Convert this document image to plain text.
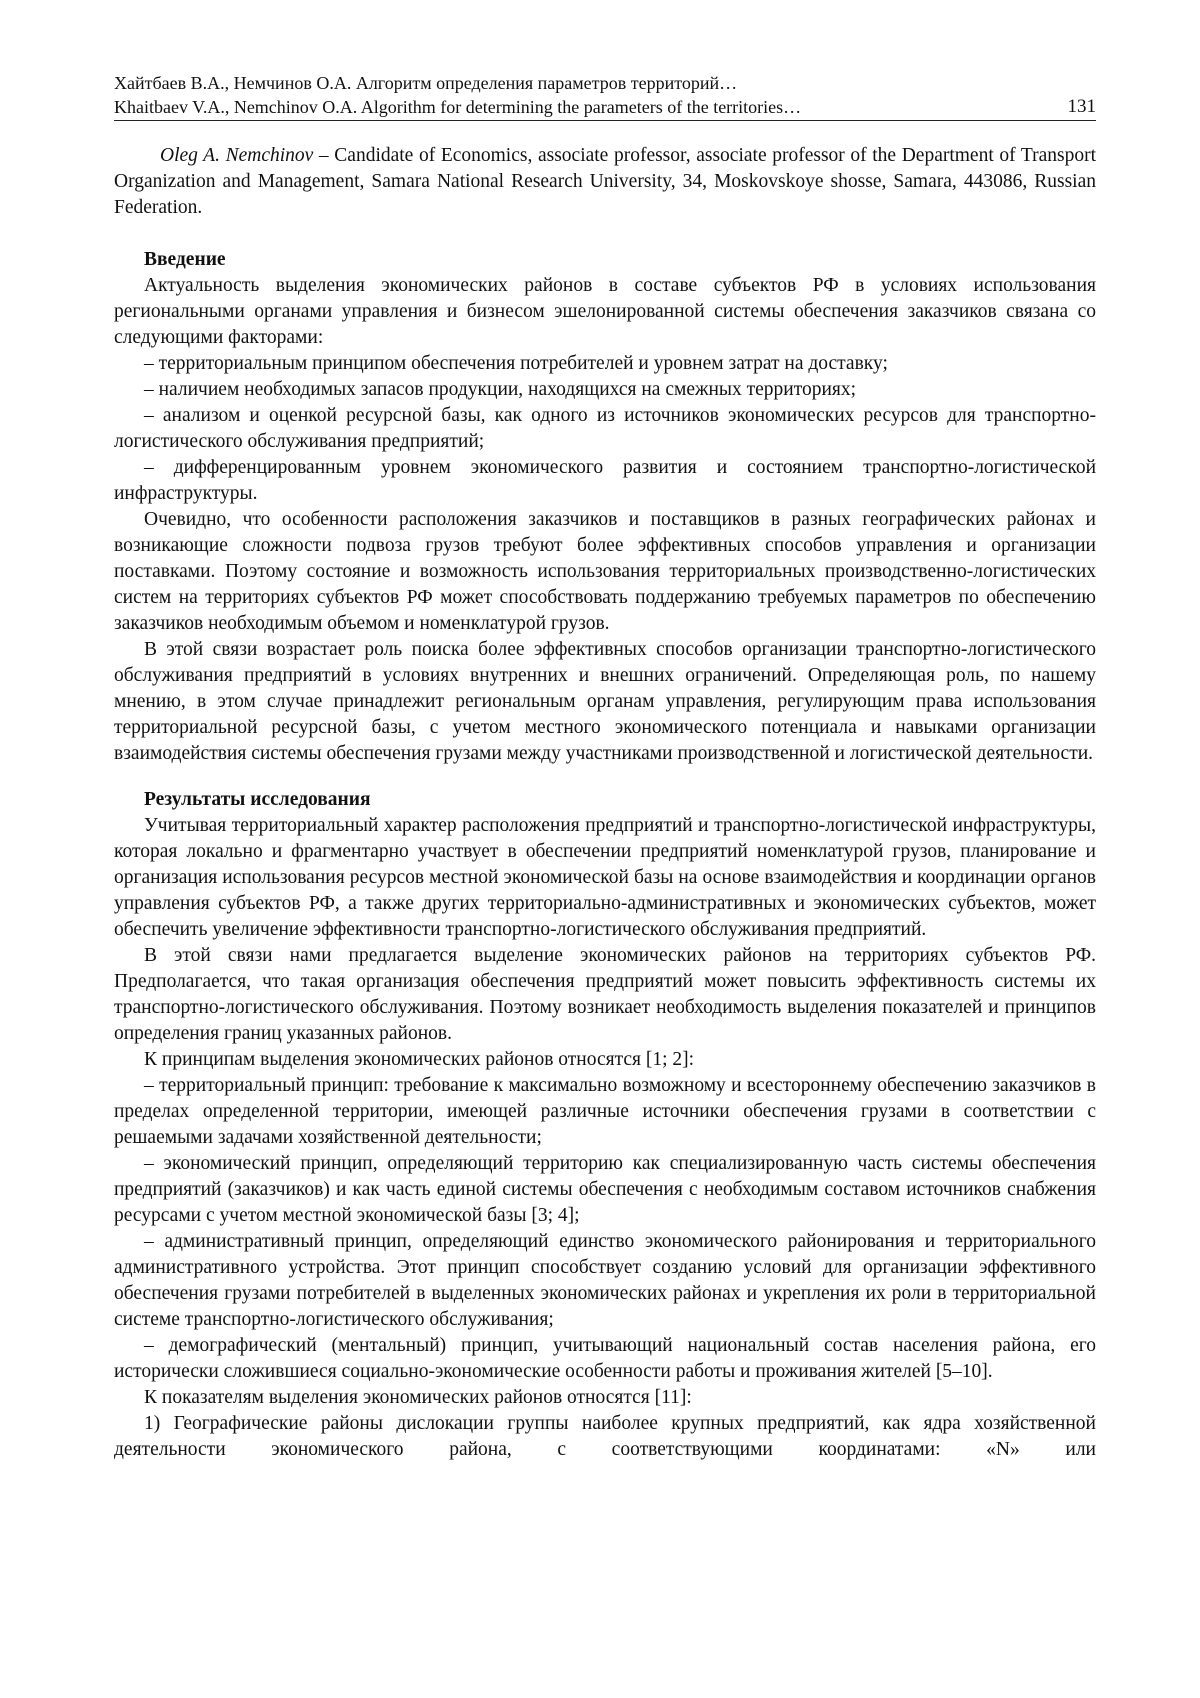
Хайтбаев В.А., Немчинов О.А. Алгоритм определения параметров территорий…
Khaitbaev V.A., Nemchinov O.A. Algorithm for determining the parameters of the territories…	131
Oleg A. Nemchinov – Candidate of Economics, associate professor, associate professor of the Department of Transport Organization and Management, Samara National Research University, 34, Moskovskoye shosse, Samara, 443086, Russian Federation.
Введение

Актуальность выделения экономических районов в составе субъектов РФ в условиях использования региональными органами управления и бизнесом эшелонированной системы обеспечения заказчиков связана со следующими факторами:

– территориальным принципом обеспечения потребителей и уровнем затрат на доставку;

– наличием необходимых запасов продукции, находящихся на смежных территориях;

– анализом и оценкой ресурсной базы, как одного из источников экономических ресурсов для транспортно-логистического обслуживания предприятий;

– дифференцированным уровнем экономического развития и состоянием транспортно-логистической инфраструктуры.

Очевидно, что особенности расположения заказчиков и поставщиков в разных географических районах и возникающие сложности подвоза грузов требуют более эффективных способов управления и организации поставками. Поэтому состояние и возможность использования территориальных производственно-логистических систем на территориях субъектов РФ может способствовать поддержанию требуемых параметров по обеспечению заказчиков необходимым объемом и номенклатурой грузов.

В этой связи возрастает роль поиска более эффективных способов организации транспортно-логистического обслуживания предприятий в условиях внутренних и внешних ограничений. Определяющая роль, по нашему мнению, в этом случае принадлежит региональным органам управления, регулирующим права использования территориальной ресурсной базы, с учетом местного экономического потенциала и навыками организации взаимодействия системы обеспечения грузами между участниками производственной и логистической деятельности.

Результаты исследования

Учитывая территориальный характер расположения предприятий и транспортно-логистической инфраструктуры, которая локально и фрагментарно участвует в обеспечении предприятий номенклатурой грузов, планирование и организация использования ресурсов местной экономической базы на основе взаимодействия и координации органов управления субъектов РФ, а также других территориально-административных и экономических субъектов, может обеспечить увеличение эффективности транспортно-логистического обслуживания предприятий.

В этой связи нами предлагается выделение экономических районов на территориях субъектов РФ. Предполагается, что такая организация обеспечения предприятий может повысить эффективность системы их транспортно-логистического обслуживания. Поэтому возникает необходимость выделения показателей и принципов определения границ указанных районов.

К принципам выделения экономических районов относятся [1; 2]:

– территориальный принцип: требование к максимально возможному и всестороннему обеспечению заказчиков в пределах определенной территории, имеющей различные источники обеспечения грузами в соответствии с решаемыми задачами хозяйственной деятельности;

– экономический принцип, определяющий территорию как специализированную часть системы обеспечения предприятий (заказчиков) и как часть единой системы обеспечения с необходимым составом источников снабжения ресурсами с учетом местной экономической базы [3; 4];

– административный принцип, определяющий единство экономического районирования и территориального административного устройства. Этот принцип способствует созданию условий для организации эффективного обеспечения грузами потребителей в выделенных экономических районах и укрепления их роли в территориальной системе транспортно-логистического обслуживания;

– демографический (ментальный) принцип, учитывающий национальный состав населения района, его исторически сложившиеся социально-экономические особенности работы и проживания жителей [5–10].

К показателям выделения экономических районов относятся [11]:

1) Географические районы дислокации группы наиболее крупных предприятий, как ядра хозяйственной деятельности экономического района, с соответствующими координатами: «N» или
